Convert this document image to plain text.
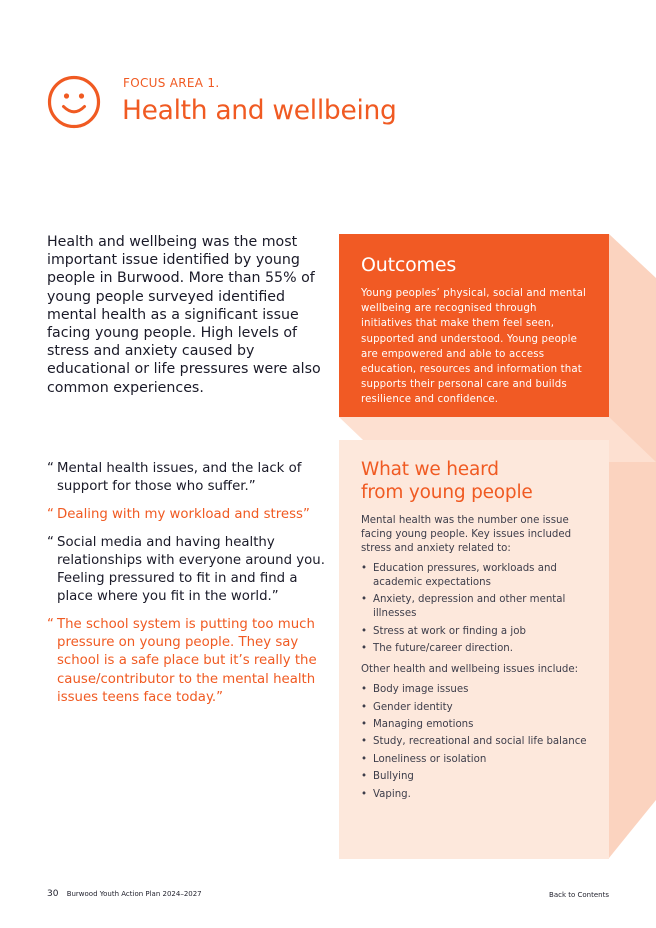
FOCUS AREA 1.
Health and wellbeing

Health and wellbeing was the most important issue identified by young people in Burwood. More than 55% of young people surveyed identified mental health as a significant issue facing young people. High levels of stress and anxiety caused by educational or life pressures were also common experiences.

Outcomes

Young peoples’ physical, social and mental wellbeing are recognised through initiatives that make them feel seen, supported and understood. Young people are empowered and able to access education, resources and information that supports their personal care and builds resilience and confidence.

“ Mental health issues, and the lack of support for those who suffer.”
“ Dealing with my workload and stress”
“ Social media and having healthy relationships with everyone around you. Feeling pressured to fit in and find a place where you fit in the world.”
“ The school system is putting too much pressure on young people. They say school is a safe place but it’s really the cause/contributor to the mental health issues teens face today.”
What we heard
from young people

Mental health was the number one issue facing young people. Key issues included stress and anxiety related to:

• Education pressures, workloads and academic expectations
• Anxiety, depression and other mental illnesses
• Stress at work or finding a job
• The future/career direction.

Other health and wellbeing issues include:

• Body image issues
• Gender identity
• Managing emotions
• Study, recreational and social life balance
• Loneliness or isolation
• Bullying
• Vaping.
30 Burwood Youth Action Plan 2024–2027	Back to Contents
